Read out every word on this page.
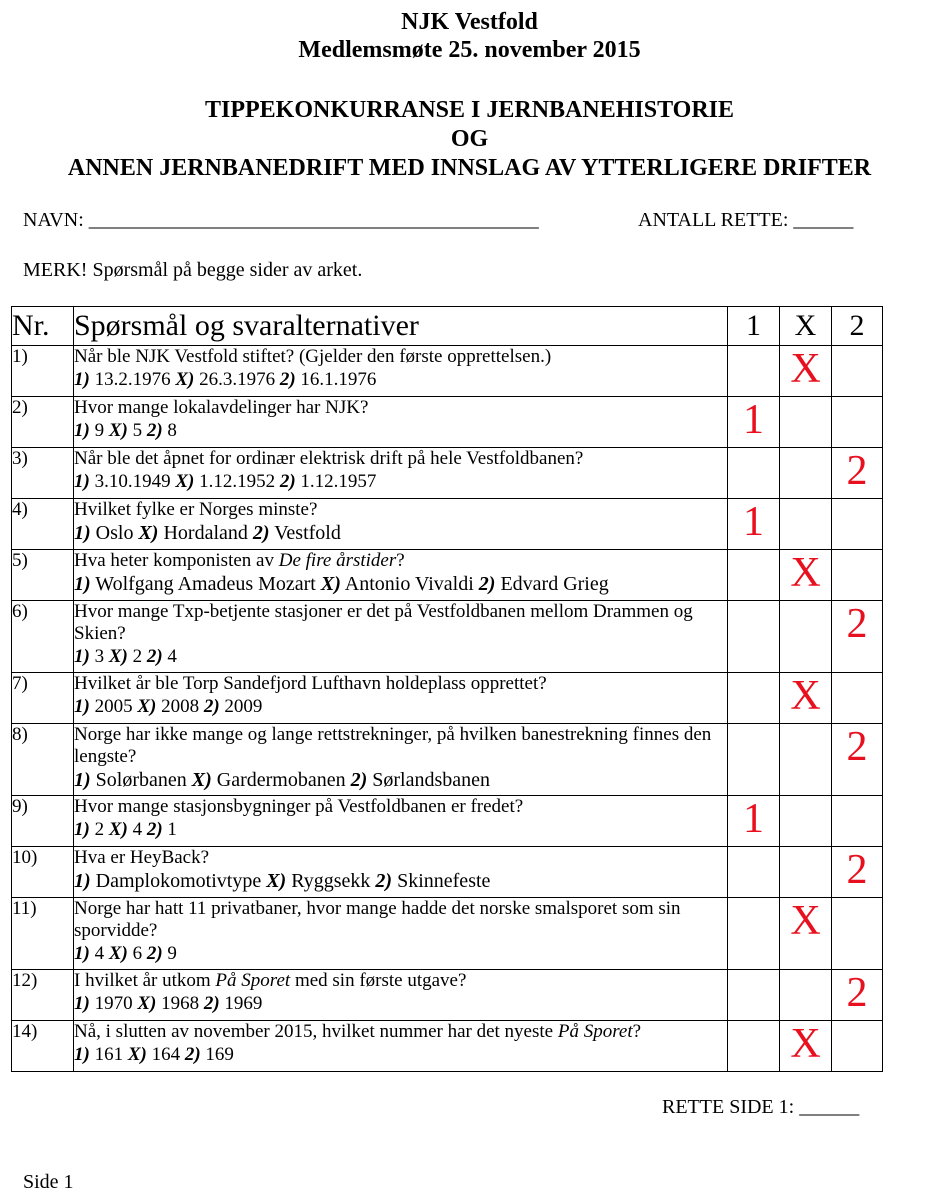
NJK Vestfold
Medlemsmøte 25. november 2015
TIPPEKONKURRANSE I JERNBANEHISTORIE
OG
ANNEN JERNBANEDRIFT MED INNSLAG AV YTTERLIGERE DRIFTER
NAVN: _____________________________________________	ANTALL RETTE: ______
MERK! Spørsmål på begge sider av arket.
Nr.	Spørsmål og svaralternativer	1	X	2
1)	Når ble NJK Vestfold stiftet? (Gjelder den første opprettelsen.)
1) 13.2.1976 X) 26.3.1976 2) 16.1.1976		X	
2)	Hvor mange lokalavdelinger har NJK?
1) 9 X) 5 2) 8	1		
3)	Når ble det åpnet for ordinær elektrisk drift på hele Vestfoldbanen?
1) 3.10.1949 X) 1.12.1952 2) 1.12.1957			2
4)	Hvilket fylke er Norges minste?
1) Oslo X) Hordaland 2) Vestfold	1		
5)	Hva heter komponisten av De fire årstider?
1) Wolfgang Amadeus Mozart X) Antonio Vivaldi 2) Edvard Grieg		X	
6)	Hvor mange Txp-betjente stasjoner er det på Vestfoldbanen mellom Drammen og Skien?
1) 3 X) 2 2) 4			2
7)	Hvilket år ble Torp Sandefjord Lufthavn holdeplass opprettet?
1) 2005 X) 2008 2) 2009		X	
8)	Norge har ikke mange og lange rettstrekninger, på hvilken banestrekning finnes den lengste?
1) Solørbanen X) Gardermobanen 2) Sørlandsbanen			2
9)	Hvor mange stasjonsbygninger på Vestfoldbanen er fredet?
1) 2 X) 4 2) 1	1		
10)	Hva er HeyBack?
1) Damplokomotivtype X) Ryggsekk 2) Skinnefeste			2
11)	Norge har hatt 11 privatbaner, hvor mange hadde det norske smalsporet som sin sporvidde?
1) 4 X) 6 2) 9		X	
12)	I hvilket år utkom På Sporet med sin første utgave?
1) 1970 X) 1968 2) 1969			2
14)	Nå, i slutten av november 2015, hvilket nummer har det nyeste På Sporet?
1) 161 X) 164 2) 169		X	
RETTE SIDE 1: ______
Side 1
